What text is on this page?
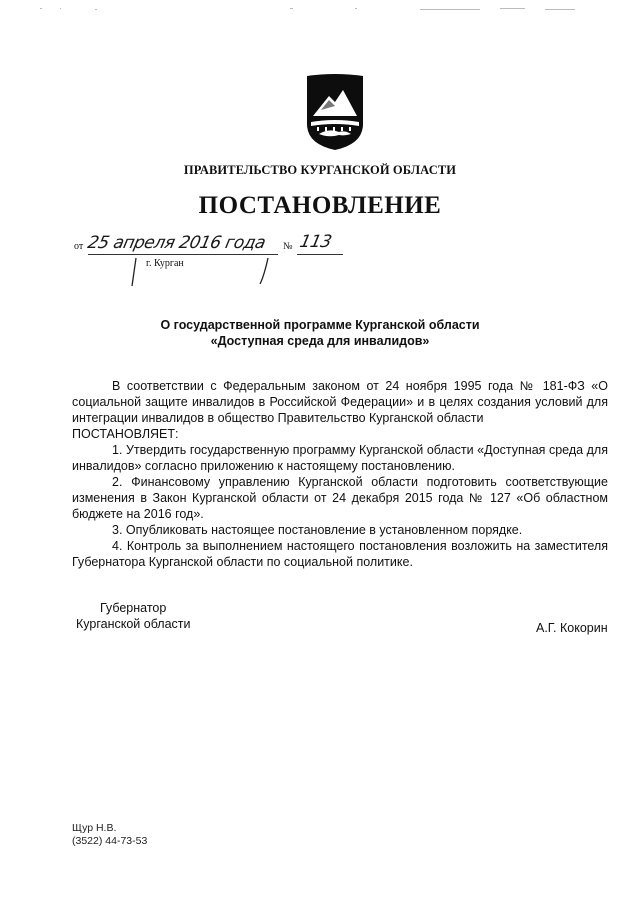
ПРАВИТЕЛЬСТВО КУРГАНСКОЙ ОБЛАСТИ
ПОСТАНОВЛЕНИЕ
от 25 апреля 2016 года № 113
г. Курган
О государственной программе Курганской области
«Доступная среда для инвалидов»

В соответствии с Федеральным законом от 24 ноября 1995 года № 181-ФЗ «О социальной защите инвалидов в Российской Федерации» и в целях создания условий для интеграции инвалидов в общество Правительство Курганской области

ПОСТАНОВЛЯЕТ:

1. Утвердить государственную программу Курганской области «Доступная среда для инвалидов» согласно приложению к настоящему постановлению.

2. Финансовому управлению Курганской области подготовить соответствующие изменения в Закон Курганской области от 24 декабря 2015 года № 127 «Об областном бюджете на 2016 год».

3. Опубликовать настоящее постановление в установленном порядке.

4. Контроль за выполнением настоящего постановления возложить на заместителя Губернатора Курганской области по социальной политике.

Губернатор
Курганской области	А.Г. Кокорин
Щур Н.В.
(3522) 44-73-53
